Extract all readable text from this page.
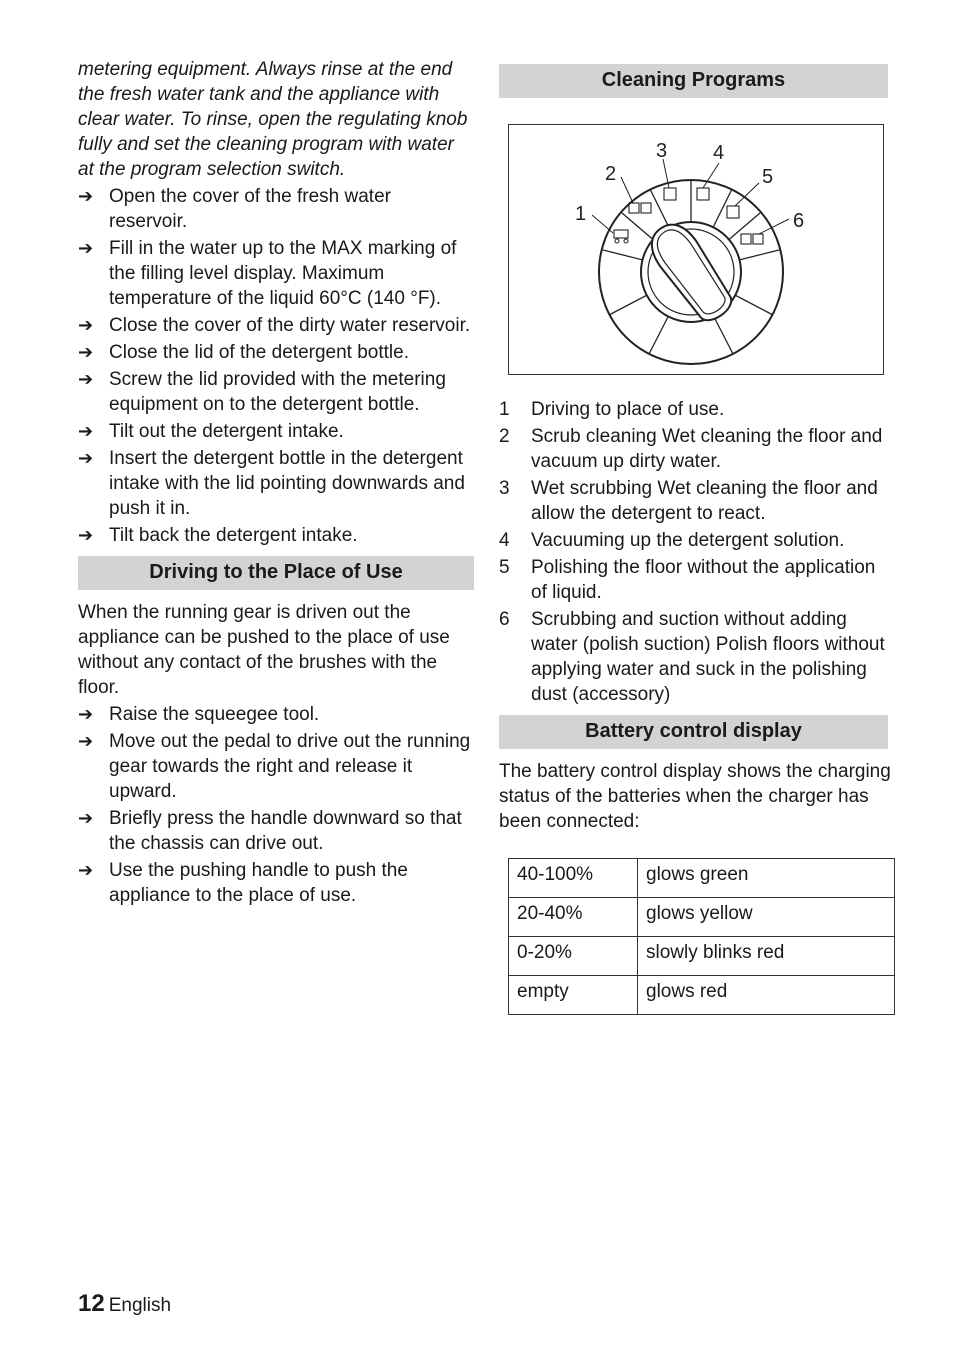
metering equipment. Always rinse at the end the fresh water tank and the appliance with clear water. To rinse, open the regulating knob fully and set the cleaning program with water at the program selection switch.

➔ Open the cover of the fresh water reservoir.
➔ Fill in the water up to the MAX marking of the filling level display. Maximum temperature of the liquid 60°C (140 °F).
➔ Close the cover of the dirty water reservoir.
➔ Close the lid of the detergent bottle.
➔ Screw the lid provided with the metering equipment on to the detergent bottle.
➔ Tilt out the detergent intake.
➔ Insert the detergent bottle in the detergent intake with the lid pointing downwards and push it in.
➔ Tilt back the detergent intake.
Driving to the Place of Use

When the running gear is driven out the appliance can be pushed to the place of use without any contact of the brushes with the floor.

➔ Raise the squeegee tool.
➔ Move out the pedal to drive out the running gear towards the right and release it upward.
➔ Briefly press the handle downward so that the chassis can drive out.
➔ Use the pushing handle to push the appliance to the place of use.
Cleaning Programs
1
2
3 4
5
6
1 Driving to place of use.
2 Scrub cleaning Wet cleaning the floor and vacuum up dirty water.
3 Wet scrubbing Wet cleaning the floor and allow the detergent to react.
4 Vacuuming up the detergent solution.
5 Polishing the floor without the application of liquid.
6 Scrubbing and suction without adding water (polish suction) Polish floors without applying water and suck in the polishing dust (accessory)
Battery control display

The battery control display shows the charging status of the batteries when the charger has been connected:

40-100%	glows green
20-40%	glows yellow
0-20%	slowly blinks red
empty	glows red
12 English
